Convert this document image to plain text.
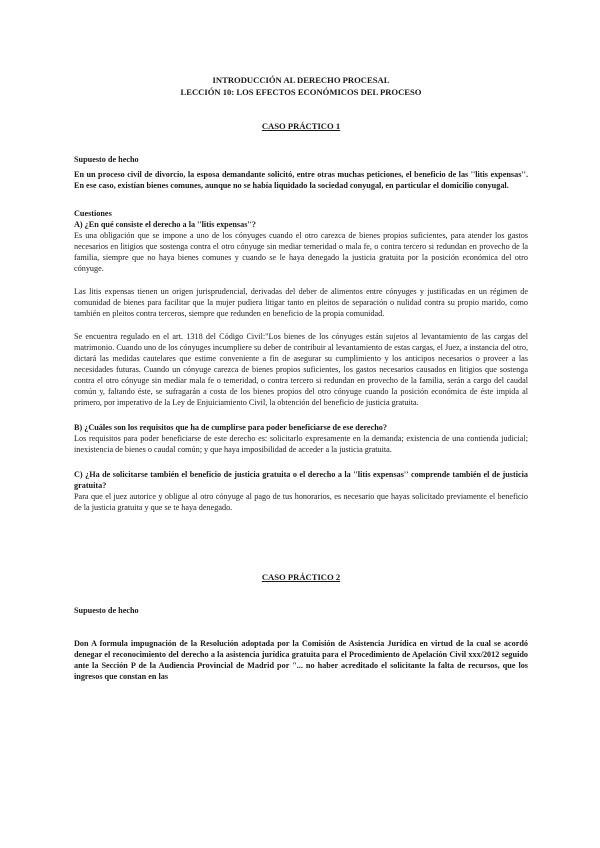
INTRODUCCIÓN AL DERECHO PROCESAL
LECCIÓN 10: LOS EFECTOS ECONÓMICOS DEL PROCESO
CASO PRÁCTICO 1
Supuesto de hecho

En un proceso civil de divorcio, la esposa demandante solicitó, entre otras muchas peticiones, el beneficio de las ''litis expensas''. En ese caso, existían bienes comunes, aunque no se había liquidado la sociedad conyugal, en particular el domicilio conyugal.

Cuestiones
A) ¿En qué consiste el derecho a la ''litis expensas''?

Es una obligación que se impone a uno de los cónyuges cuando el otro carezca de bienes propios suficientes, para atender los gastos necesarios en litigios que sostenga contra el otro cónyuge sin mediar temeridad o mala fe, o contra tercero si redundan en provecho de la familia, siempre que no haya bienes comunes y cuando se le haya denegado la justicia gratuita por la posición económica del otro cónyuge.

Las litis expensas tienen un origen jurisprudencial, derivadas del deber de alimentos entre cónyuges y justificadas en un régimen de comunidad de bienes para facilitar que la mujer pudiera litigar tanto en pleitos de separación o nulidad contra su propio marido, como también en pleitos contra terceros, siempre que redunden en beneficio de la propia comunidad.

Se encuentra regulado en el art. 1318 del Código Civil:"Los bienes de los cónyuges están sujetos al levantamiento de las cargas del matrimonio. Cuando uno de los cónyuges incumpliere su deber de contribuir al levantamiento de estas cargas, el Juez, a instancia del otro, dictará las medidas cautelares que estime conveniente a fin de asegurar su cumplimiento y los anticipos necesarios o proveer a las necesidades futuras. Cuando un cónyuge carezca de bienes propios suficientes, los gastos necesarios causados en litigios que sostenga contra el otro cónyuge sin mediar mala fe o temeridad, o contra tercero si redundan en provecho de la familia, serán a cargo del caudal común y, faltando éste, se sufragarán a costa de los bienes propios del otro cónyuge cuando la posición económica de éste impida al primero, por imperativo de la Ley de Enjuiciamiento Civil, la obtención del beneficio de justicia gratuita.

B) ¿Cuáles son los requisitos que ha de cumplirse para poder beneficiarse de ese derecho?

Los requisitos para poder beneficiarse de este derecho es: solicitarlo expresamente en la demanda; existencia de una contienda judicial; inexistencia de bienes o caudal común; y que haya imposibilidad de acceder a la justicia gratuita.

C) ¿Ha de solicitarse también el beneficio de justicia gratuita o el derecho a la ''litis expensas'' comprende también el de justicia gratuita?

Para que el juez autorice y obligue al otro cónyuge al pago de tus honorarios, es necesario que hayas solicitado previamente el beneficio de la justicia gratuita y que se te haya denegado.

CASO PRÁCTICO 2
Supuesto de hecho

Don A formula impugnación de la Resolución adoptada por la Comisión de Asistencia Jurídica en virtud de la cual se acordó denegar el reconocimiento del derecho a la asistencia jurídica gratuita para el Procedimiento de Apelación Civil xxx/2012 seguido ante la Sección P de la Audiencia Provincial de Madrid por "... no haber acreditado el solicitante la falta de recursos, que los ingresos que constan en las
